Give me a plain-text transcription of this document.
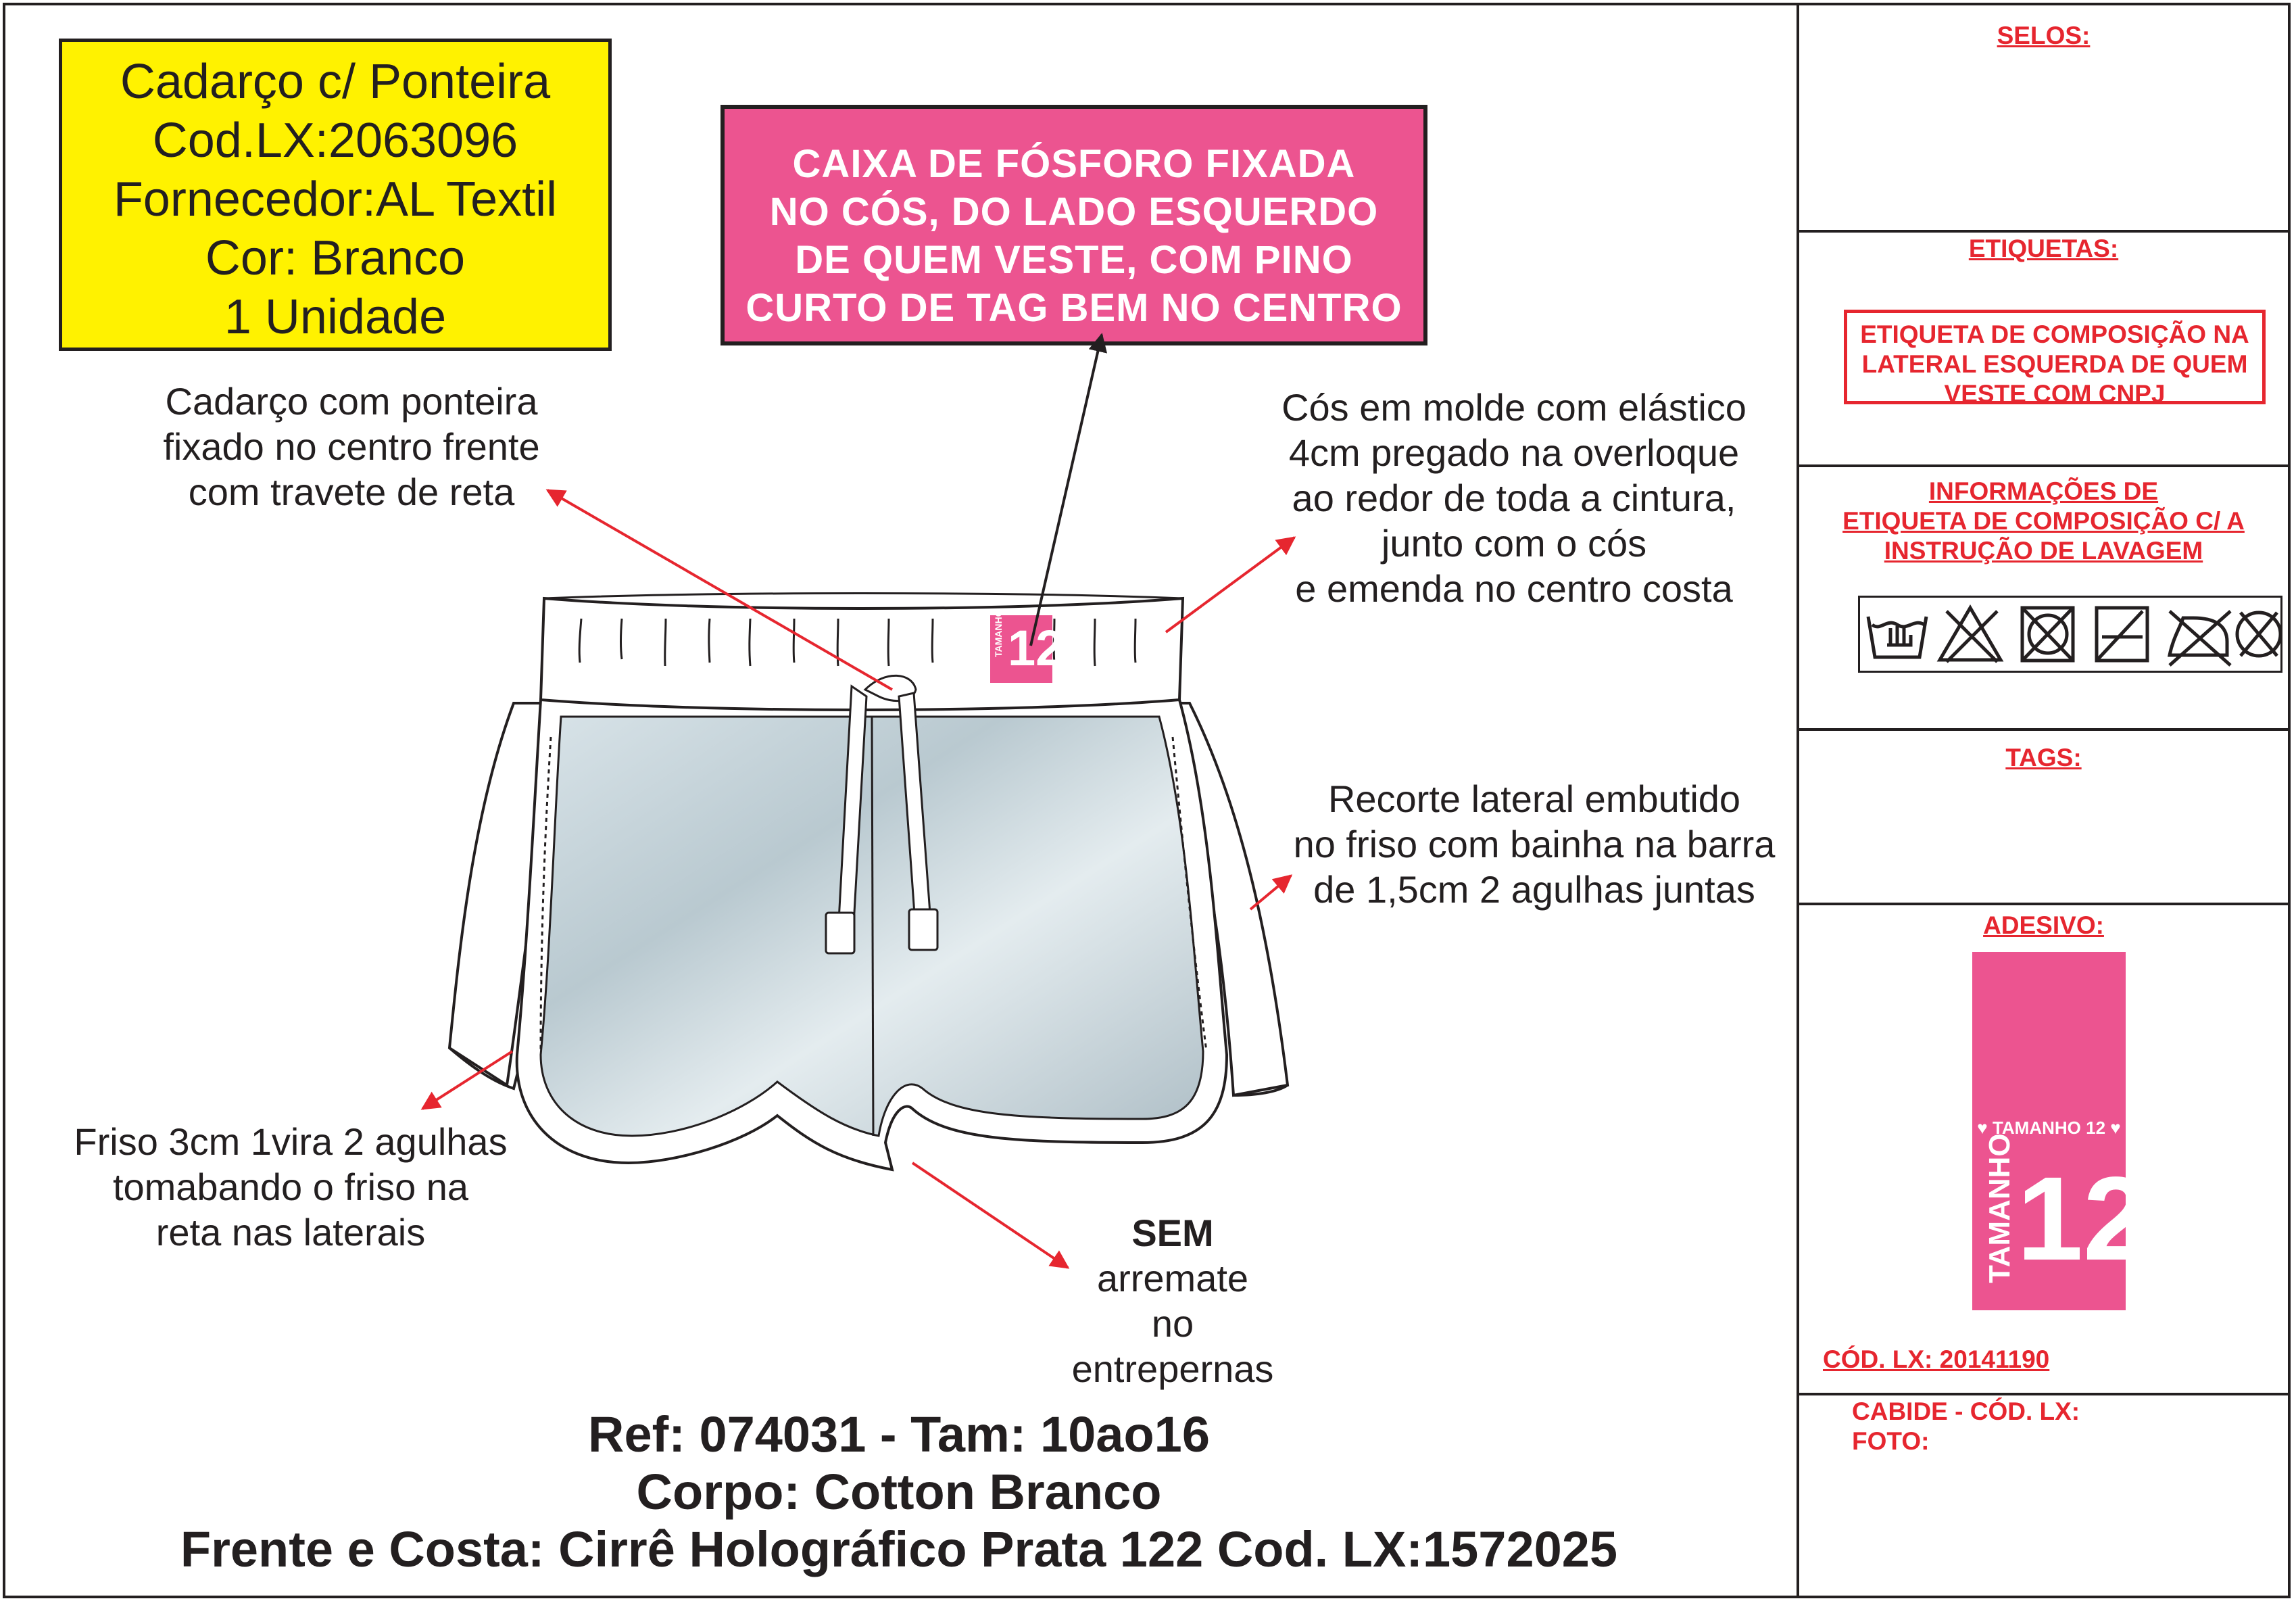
Cadarço c/ Ponteira
Cod.LX:2063096
Fornecedor:AL Textil
Cor: Branco
1 Unidade
CAIXA DE FÓSFORO FIXADA
NO CÓS, DO LADO ESQUERDO
DE QUEM VESTE, COM PINO
CURTO DE TAG BEM NO CENTRO
Cadarço com ponteira
fixado no centro frente
com travete de reta
Cós em molde com elástico
4cm pregado na overloque
ao redor de toda a cintura,
junto com o cós
e emenda no centro costa
Recorte lateral embutido
no friso com bainha na barra
de 1,5cm 2 agulhas juntas
Friso 3cm 1vira 2 agulhas
tomabando o friso na
reta nas laterais	SEM
arremate
no
entrepernas
TAMANHO 12
Ref: 074031 - Tam: 10ao16
Corpo: Cotton Branco
Frente e Costa: Cirrê Holográfico Prata 122 Cod. LX:1572025
SELOS:
ETIQUETAS:
ETIQUETA DE COMPOSIÇÃO NA
LATERAL ESQUERDA DE QUEM
VESTE COM CNPJ
INFORMAÇÕES DE
ETIQUETA DE COMPOSIÇÃO C/ A
INSTRUÇÃO DE LAVAGEM
TAGS:
ADESIVO:
♥ TAMANHO 12 ♥
TAMANHO 12
CÓD. LX: 20141190
CABIDE - CÓD. LX:
FOTO:
